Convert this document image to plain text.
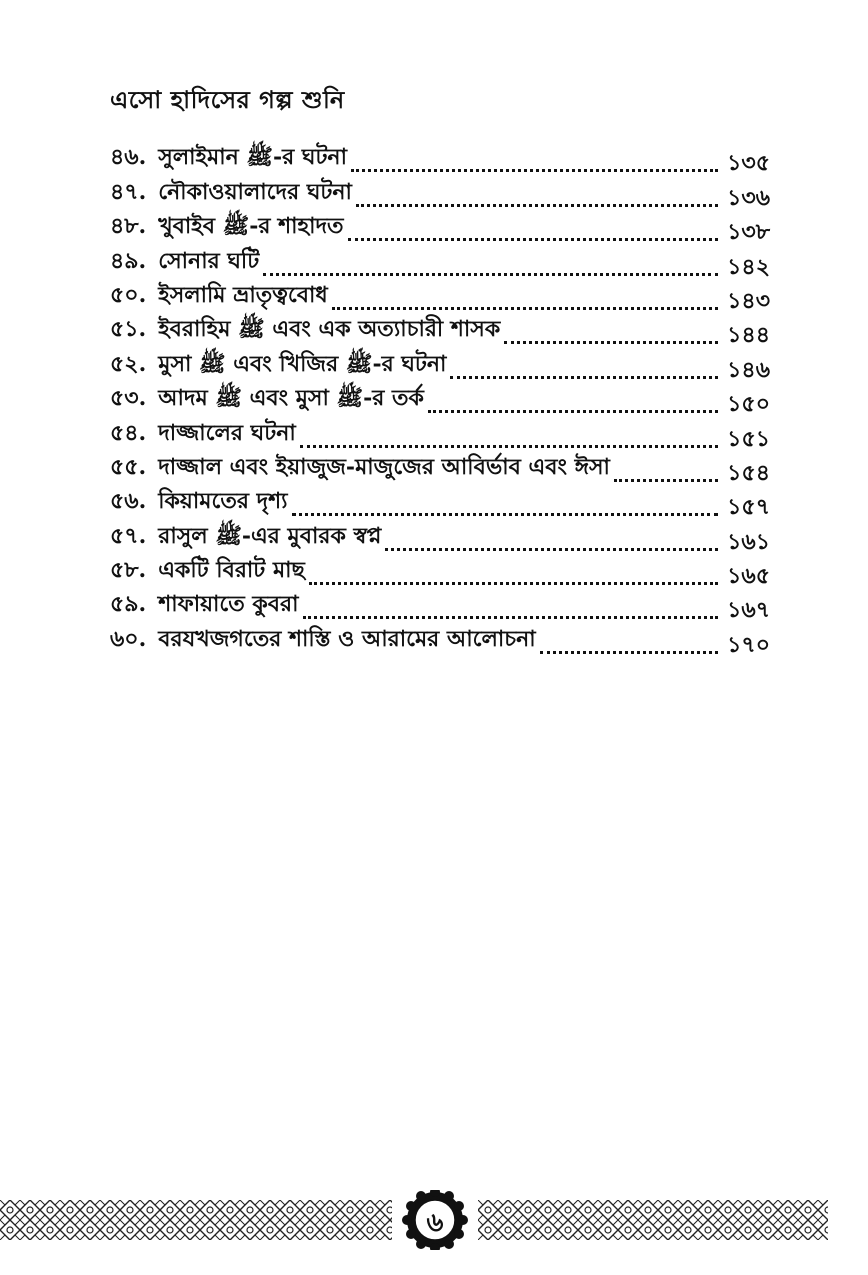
এসো হাদিসের গল্প শুনি
৪৬. সুলাইমান ﷺ-র ঘটনা	১৩৫
৪৭. নৌকাওয়ালাদের ঘটনা	১৩৬
৪৮. খুবাইব ﷺ-র শাহাদত	১৩৮
৪৯. সোনার ঘটি	১৪২
৫০. ইসলামি ভ্রাতৃত্ববোধ	১৪৩
৫১. ইবরাহিম ﷺ এবং এক অত্যাচারী শাসক	১৪৪
৫২. মুসা ﷺ এবং খিজির ﷺ-র ঘটনা	১৪৬
৫৩. আদম ﷺ এবং মুসা ﷺ-র তর্ক	১৫০
৫৪. দাজ্জালের ঘটনা	১৫১
৫৫. দাজ্জাল এবং ইয়াজুজ-মাজুজের আবির্ভাব এবং ঈসা	১৫৪
৫৬. কিয়ামতের দৃশ্য	১৫৭
৫৭. রাসুল ﷺ-এর মুবারক স্বপ্ন	১৬১
৫৮. একটি বিরাট মাছ	১৬৫
৫৯. শাফায়াতে কুবরা	১৬৭
৬০. বরযখজগতের শাস্তি ও আরামের আলোচনা	১৭০
৬
